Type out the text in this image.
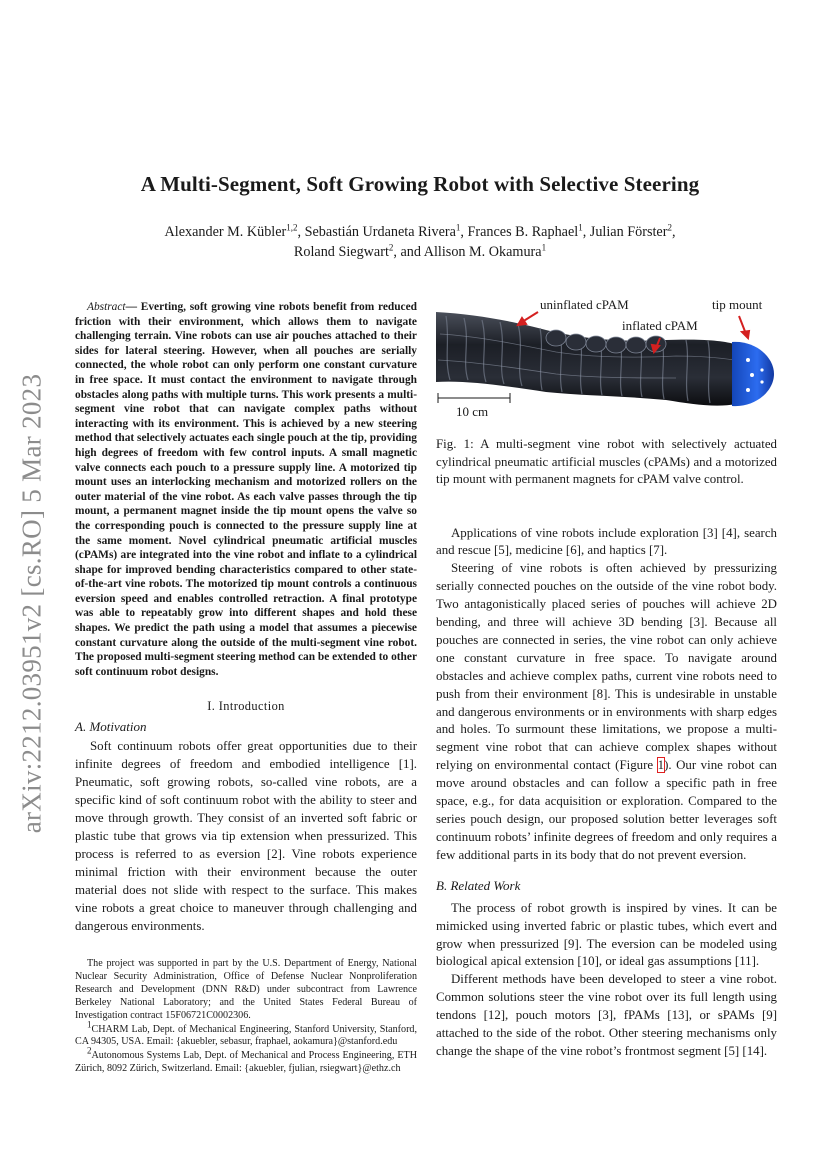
arXiv:2212.03951v2 [cs.RO] 5 Mar 2023
A Multi-Segment, Soft Growing Robot with Selective Steering
Alexander M. Kübler$^{1,2}$, Sebastián Urdaneta Rivera$^1$, Frances B. Raphael$^1$, Julian Förster$^2$,
Roland Siegwart$^2$, and Allison M. Okamura$^1$

Abstract— Everting, soft growing vine robots benefit from reduced friction with their environment, which allows them to navigate challenging terrain. Vine robots can use air pouches attached to their sides for lateral steering. However, when all pouches are serially connected, the whole robot can only perform one constant curvature in free space. It must contact the environment to navigate through obstacles along paths with multiple turns. This work presents a multi-segment vine robot that can navigate complex paths without interacting with its environment. This is achieved by a new steering method that selectively actuates each single pouch at the tip, providing high degrees of freedom with few control inputs. A small magnetic valve connects each pouch to a pressure supply line. A motorized tip mount uses an interlocking mechanism and motorized rollers on the outer material of the vine robot. As each valve passes through the tip mount, a permanent magnet inside the tip mount opens the valve so the corresponding pouch is connected to the pressure supply line at the same moment. Novel cylindrical pneumatic artificial muscles (cPAMs) are integrated into the vine robot and inflate to a cylindrical shape for improved bending characteristics compared to other state-of-the-art vine robots. The motorized tip mount controls a continuous eversion speed and enables controlled retraction. A final prototype was able to repeatably grow into different shapes and hold these shapes. We predict the path using a model that assumes a piecewise constant curvature along the outside of the multi-segment vine robot. The proposed multi-segment steering method can be extended to other soft continuum robot designs.

I. Introduction
A. Motivation

Soft continuum robots offer great opportunities due to their infinite degrees of freedom and embodied intelligence [1]. Pneumatic, soft growing robots, so-called vine robots, are a specific kind of soft continuum robot with the ability to steer and move through growth. They consist of an inverted soft fabric or plastic tube that grows via tip extension when pressurized. This process is referred to as eversion [2]. Vine robots experience minimal friction with their environment because the outer material does not slide with respect to the surface. This makes vine robots a great choice to maneuver through challenging and dangerous environments.

The project was supported in part by the U.S. Department of Energy, National Nuclear Security Administration, Office of Defense Nuclear Nonproliferation Research and Development (DNN R&D) under subcontract from Lawrence Berkeley National Laboratory; and the United States Federal Bureau of Investigation contract 15F06721C0002306.

$^1$CHARM Lab, Dept. of Mechanical Engineering, Stanford University, Stanford, CA 94305, USA. Email: {akuebler, sebasur, fraphael, aokamura}@stanford.edu

$^2$Autonomous Systems Lab, Dept. of Mechanical and Process Engineering, ETH Zürich, 8092 Zürich, Switzerland. Email: {akuebler, fjulian, rsiegwart}@ethz.ch

uninflated cPAM
inflated cPAM
tip mount
10 cm

Fig. 1: A multi-segment vine robot with selectively actuated cylindrical pneumatic artificial muscles (cPAMs) and a motorized tip mount with permanent magnets for cPAM valve control.

Applications of vine robots include exploration [3] [4], search and rescue [5], medicine [6], and haptics [7].

Steering of vine robots is often achieved by pressurizing serially connected pouches on the outside of the vine robot body. Two antagonistically placed series of pouches will achieve 2D bending, and three will achieve 3D bending [3]. Because all pouches are connected in series, the vine robot can only achieve one constant curvature in free space. To navigate around obstacles and achieve complex paths, current vine robots need to push from their environment [8]. This is undesirable in unstable and dangerous environments or in environments with sharp edges and holes. To surmount these limitations, we propose a multi-segment vine robot that can achieve complex shapes without relying on environmental contact (Figure 1). Our vine robot can move around obstacles and can follow a specific path in free space, e.g., for data acquisition or exploration. Compared to the series pouch design, our proposed solution better leverages soft continuum robots’ infinite degrees of freedom and only requires a few additional parts in its body that do not prevent eversion.

B. Related Work

The process of robot growth is inspired by vines. It can be mimicked using inverted fabric or plastic tubes, which evert and grow when pressurized [9]. The eversion can be modeled using biological apical extension [10], or ideal gas assumptions [11].

Different methods have been developed to steer a vine robot. Common solutions steer the vine robot over its full length using tendons [12], pouch motors [3], fPAMs [13], or sPAMs [9] attached to the side of the robot. Other steering mechanisms only change the shape of the vine robot’s frontmost segment [5] [14].
